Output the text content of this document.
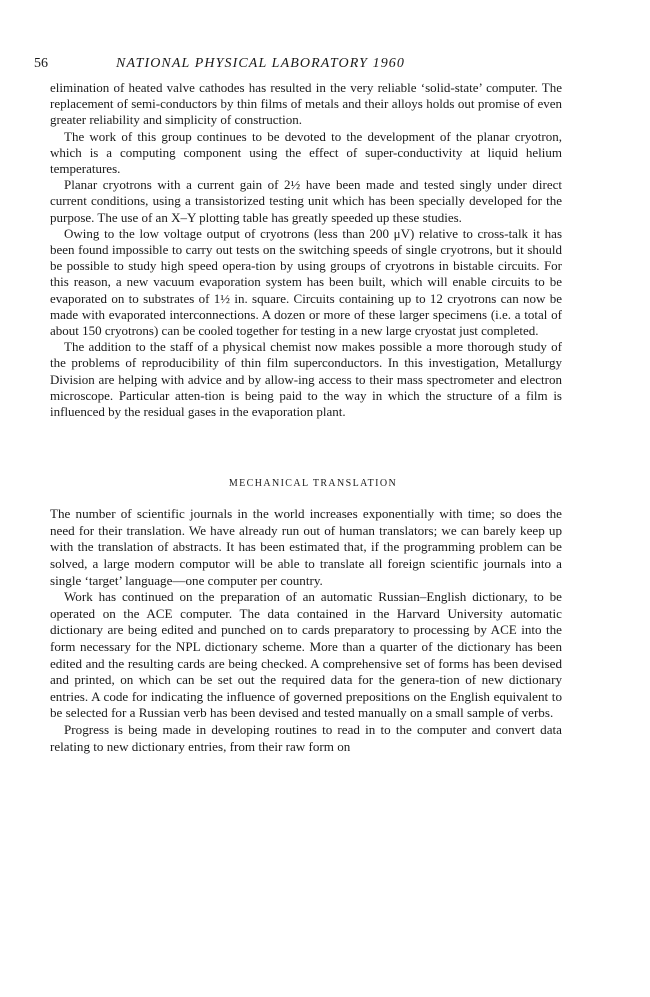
56	NATIONAL PHYSICAL LABORATORY 1960

elimination of heated valve cathodes has resulted in the very reliable ‘solid-state’ computer. The replacement of semi-conductors by thin films of metals and their alloys holds out promise of even greater reliability and simplicity of construction.

The work of this group continues to be devoted to the development of the planar cryotron, which is a computing component using the effect of super-conductivity at liquid helium temperatures.

Planar cryotrons with a current gain of 2½ have been made and tested singly under direct current conditions, using a transistorized testing unit which has been specially developed for the purpose. The use of an X–Y plotting table has greatly speeded up these studies.

Owing to the low voltage output of cryotrons (less than 200 μV) relative to cross-talk it has been found impossible to carry out tests on the switching speeds of single cryotrons, but it should be possible to study high speed opera-tion by using groups of cryotrons in bistable circuits. For this reason, a new vacuum evaporation system has been built, which will enable circuits to be evaporated on to substrates of 1½ in. square. Circuits containing up to 12 cryotrons can now be made with evaporated interconnections. A dozen or more of these larger specimens (i.e. a total of about 150 cryotrons) can be cooled together for testing in a new large cryostat just completed.

The addition to the staff of a physical chemist now makes possible a more thorough study of the problems of reproducibility of thin film superconductors. In this investigation, Metallurgy Division are helping with advice and by allow-ing access to their mass spectrometer and electron microscope. Particular atten-tion is being paid to the way in which the structure of a film is influenced by the residual gases in the evaporation plant.

MECHANICAL TRANSLATION

The number of scientific journals in the world increases exponentially with time; so does the need for their translation. We have already run out of human translators; we can barely keep up with the translation of abstracts. It has been estimated that, if the programming problem can be solved, a large modern computor will be able to translate all foreign scientific journals into a single ‘target’ language—one computer per country.

Work has continued on the preparation of an automatic Russian–English dictionary, to be operated on the ACE computer. The data contained in the Harvard University automatic dictionary are being edited and punched on to cards preparatory to processing by ACE into the form necessary for the NPL dictionary scheme. More than a quarter of the dictionary has been edited and the resulting cards are being checked. A comprehensive set of forms has been devised and printed, on which can be set out the required data for the genera-tion of new dictionary entries. A code for indicating the influence of governed prepositions on the English equivalent to be selected for a Russian verb has been devised and tested manually on a small sample of verbs.

Progress is being made in developing routines to read in to the computer and convert data relating to new dictionary entries, from their raw form on
